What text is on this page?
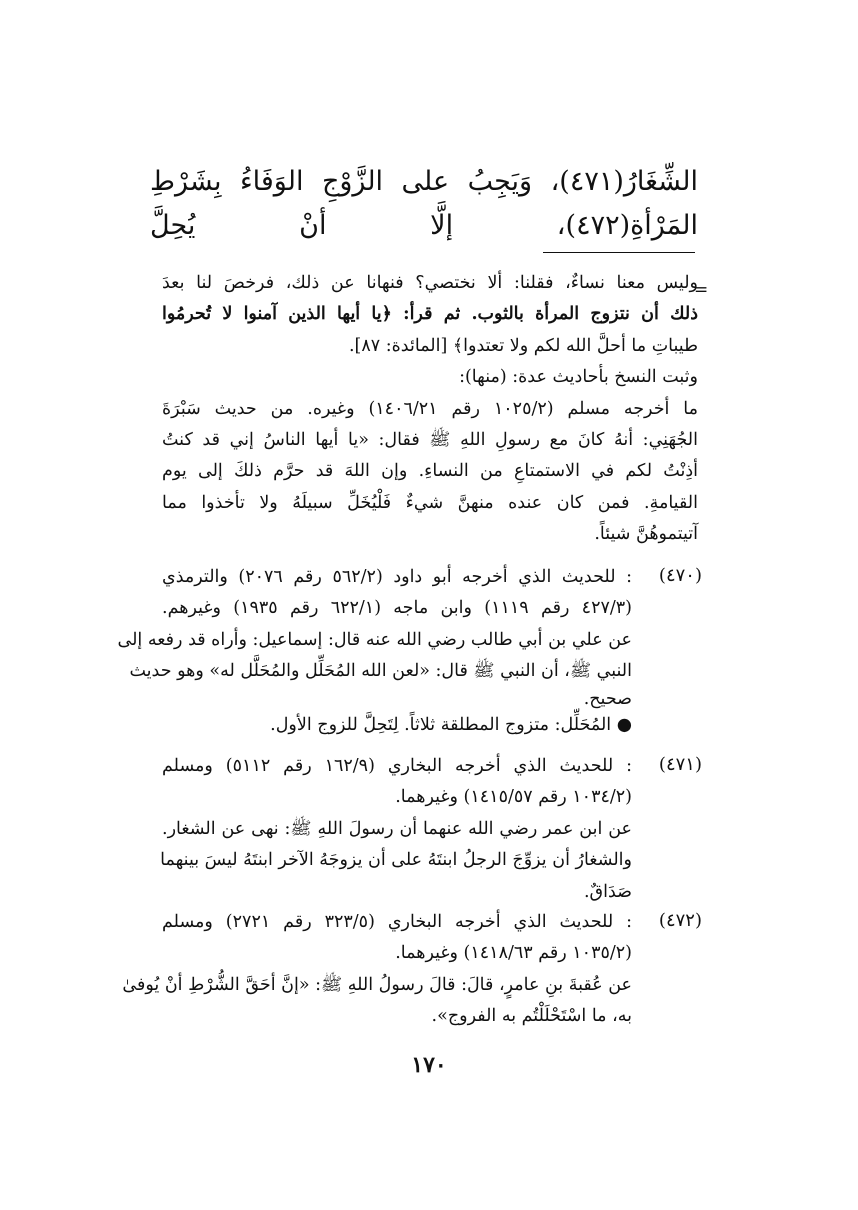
الشِّغَارُ(٤٧١)، وَيَجِبُ على الزَّوْجِ الوَفَاءُ بِشَرْطِ المَرْأةِ(٤٧٢)، إلَّا أنْ يُحِلَّ
=
وليس معنا نساءٌ، فقلنا: ألا نختصي؟ فنهانا عن ذلك، فرخصَ لنا بعدَ
ذلك أن نتزوج المرأة بالثوب. ثم قرأ: ﴿يا أيها الذين آمنوا لا تُحرمُوا
طيباتِ ما أحلَّ الله لكم ولا تعتدوا﴾ [المائدة: ٨٧].
وثبت النسخ بأحاديث عدة: (منها):
ما أخرجه مسلم (١٠٢٥/٢ رقم ١٤٠٦/٢١) وغيره. من حديث سَبْرَةَ
الجُهَنِي: أنهُ كانَ مع رسولِ اللهِ ﷺ فقال: «يا أيها الناسُ إني قد كنتُ
أذِنْتُ لكم في الاستمتاعِ من النساءِ. وإن اللهَ قد حرَّم ذلكَ إلى يوم
القيامةِ. فمن كان عنده منهنَّ شيءٌ فَلْيُخَلِّ سبيلَهُ ولا تأخذوا مما
آتيتموهُنَّ شيئاً.
(٤٧٠)
: للحديث الذي أخرجه أبو داود (٥٦٢/٢ رقم ٢٠٧٦) والترمذي
(٤٢٧/٣ رقم ١١١٩) وابن ماجه (٦٢٢/١ رقم ١٩٣٥) وغيرهم.
عن علي بن أبي طالب رضي الله عنه قال: إسماعيل: وأراه قد رفعه إلى
النبي ﷺ، أن النبي ﷺ قال: «لعن الله المُحَلِّل والمُحَلَّل له» وهو حديث
صحيح.
● المُحَلِّل: متزوج المطلقة ثلاثاً. لِتَحِلَّ للزوج الأول.
(٤٧١)
: للحديث الذي أخرجه البخاري (١٦٢/٩ رقم ٥١١٢) ومسلم
(١٠٣٤/٢ رقم ١٤١٥/٥٧) وغيرهما.
عن ابن عمر رضي الله عنهما أن رسولَ اللهِ ﷺ: نهى عن الشغار.
والشغارُ أن يزوِّجَ الرجلُ ابنتَهُ على أن يزوجَهُ الآخر ابنتَهُ ليسَ بينهما
صَدَاقٌ.
(٤٧٢)
: للحديث الذي أخرجه البخاري (٣٢٣/٥ رقم ٢٧٢١) ومسلم
(١٠٣٥/٢ رقم ١٤١٨/٦٣) وغيرهما.
عن عُقبةَ بنِ عامرٍ، قالَ: قالَ رسولُ اللهِ ﷺ: «إنَّ أحَقَّ الشُّرْطِ أنْ يُوفىٰ
به، ما اسْتَحْلَلْتُم به الفروج».
١٧٠
